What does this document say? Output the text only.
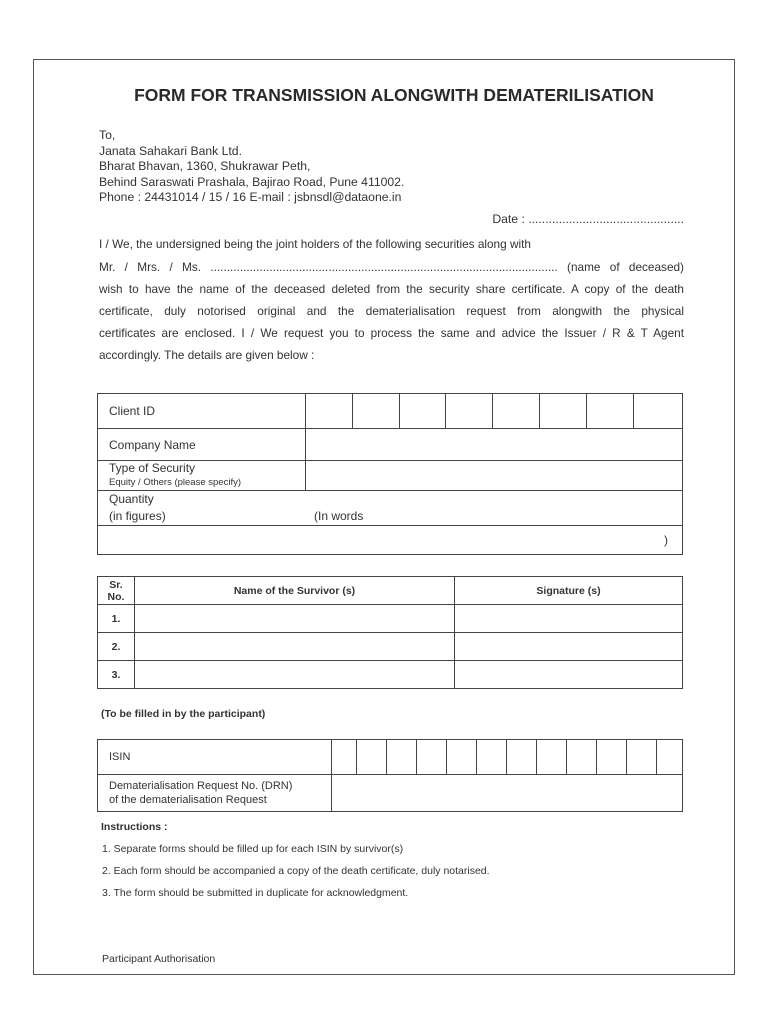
FORM FOR TRANSMISSION ALONGWITH DEMATERILISATION
To,
Janata Sahakari Bank Ltd.
Bharat Bhavan, 1360, Shukrawar Peth,
Behind Saraswati Prashala, Bajirao Road, Pune 411002.
Phone : 24431014 / 15 / 16 E-mail : jsbnsdl@dataone.in
Date : ..............................................
I / We, the undersigned being the joint holders of the following securities along with
Mr. / Mrs. / Ms. .......................................................................................................... (name of deceased)
wish to have the name of the deceased deleted from the security share certificate. A copy of the death
certificate, duly notorised original and the dematerialisation request from alongwith the physical
certificates are enclosed. I / We request you to process the same and advice the Issuer / R & T Agent
accordingly. The details are given below :
Client ID								
Company Name								
Type of Security
Equity / Others (please specify)								

Quantity
(in figures) (In words								

)								
Sr.
No.	Name of the Survivor (s)	Signature (s)
1.		
2.		
3.		
(To be filled in by the participant)
ISIN												

Dematerialisation Request No. (DRN)
of the dematerialisation Request												

Instructions :
1. Separate forms should be filled up for each ISIN by survivor(s)
2. Each form should be accompanied a copy of the death certificate, duly notarised.
3. The form should be submitted in duplicate for acknowledgment.
Participant Authorisation
